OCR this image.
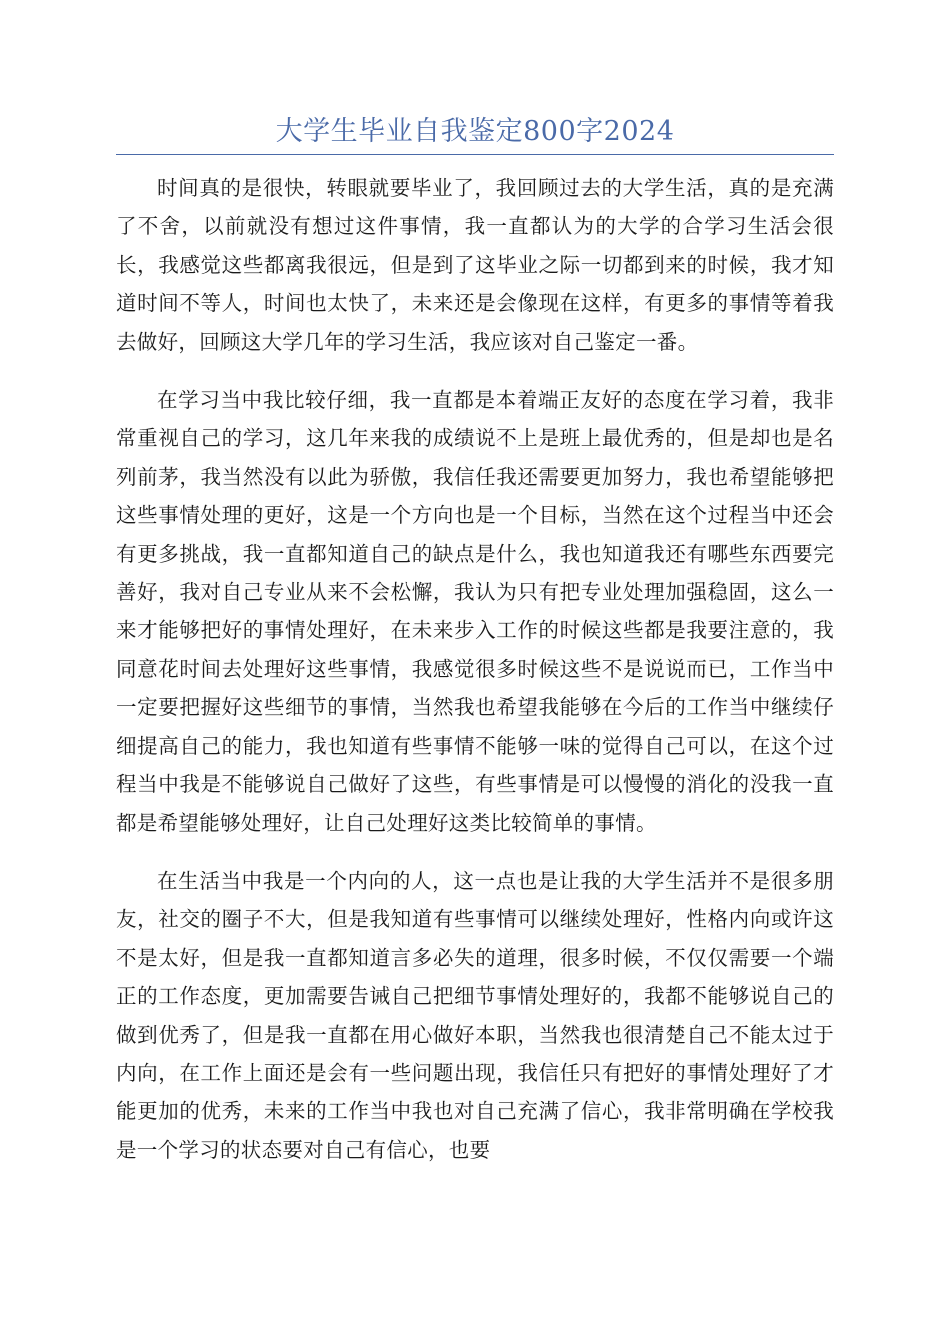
大学生毕业自我鉴定800字2024

时间真的是很快，转眼就要毕业了，我回顾过去的大学生活，真的是充满了不舍，以前就没有想过这件事情，我一直都认为的大学的合学习生活会很长，我感觉这些都离我很远，但是到了这毕业之际一切都到来的时候，我才知道时间不等人，时间也太快了，未来还是会像现在这样，有更多的事情等着我去做好，回顾这大学几年的学习生活，我应该对自己鉴定一番。

在学习当中我比较仔细，我一直都是本着端正友好的态度在学习着，我非常重视自己的学习，这几年来我的成绩说不上是班上最优秀的，但是却也是名列前茅，我当然没有以此为骄傲，我信任我还需要更加努力，我也希望能够把这些事情处理的更好，这是一个方向也是一个目标，当然在这个过程当中还会有更多挑战，我一直都知道自己的缺点是什么，我也知道我还有哪些东西要完善好，我对自己专业从来不会松懈，我认为只有把专业处理加强稳固，这么一来才能够把好的事情处理好，在未来步入工作的时候这些都是我要注意的，我同意花时间去处理好这些事情，我感觉很多时候这些不是说说而已，工作当中一定要把握好这些细节的事情，当然我也希望我能够在今后的工作当中继续仔细提高自己的能力，我也知道有些事情不能够一味的觉得自己可以，在这个过程当中我是不能够说自己做好了这些，有些事情是可以慢慢的消化的没我一直都是希望能够处理好，让自己处理好这类比较简单的事情。

在生活当中我是一个内向的人，这一点也是让我的大学生活并不是很多朋友，社交的圈子不大，但是我知道有些事情可以继续处理好，性格内向或许这不是太好，但是我一直都知道言多必失的道理，很多时候，不仅仅需要一个端正的工作态度，更加需要告诫自己把细节事情处理好的，我都不能够说自己的做到优秀了，但是我一直都在用心做好本职，当然我也很清楚自己不能太过于内向，在工作上面还是会有一些问题出现，我信任只有把好的事情处理好了才能更加的优秀，未来的工作当中我也对自己充满了信心，我非常明确在学校我是一个学习的状态要对自己有信心，也要
